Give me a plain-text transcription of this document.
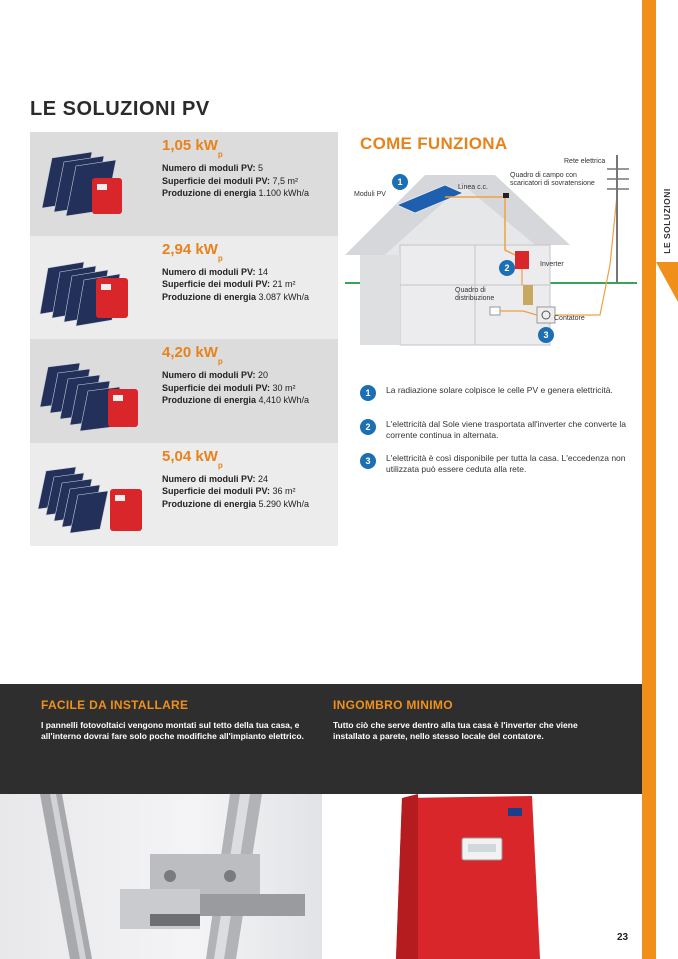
LE SOLUZIONI
LE SOLUZIONI PV
1,05 $kW_p$
Numero di moduli PV: 5
Superficie dei moduli PV: 7,5 m²
Produzione di energia 1.100 kWh/a
2,94 $kW_p$
Numero di moduli PV: 14
Superficie dei moduli PV: 21 m²
Produzione di energia 3.087 kWh/a
4,20 $kW_p$
Numero di moduli PV: 20
Superficie dei moduli PV: 30 m²
Produzione di energia 4,410 kWh/a
5,04 $kW_p$
Numero di moduli PV: 24
Superficie dei moduli PV: 36 m²
Produzione di energia 5.290 kWh/a
COME FUNZIONA
1
2
3
Rete elettrica
Quadro di campo con scaricatori di sovratensione
Linea c.c.
Moduli PV
Inverter
Quadro di distribuzione
Contatore
1	La radiazione solare colpisce le celle PV e genera elettricità.
2	L'elettricità dal Sole viene trasportata all'inverter che converte la corrente continua in alternata.
3	L'elettricità è così disponibile per tutta la casa. L'eccedenza non utilizzata può essere ceduta alla rete.
FACILE DA INSTALLARE
I pannelli fotovoltaici vengono montati sul tetto della tua casa, e all'interno dovrai fare solo poche modifiche all'impianto elettrico.
INGOMBRO MINIMO
Tutto ciò che serve dentro alla tua casa è l'inverter che viene installato a parete, nello stesso locale del contatore.
23
